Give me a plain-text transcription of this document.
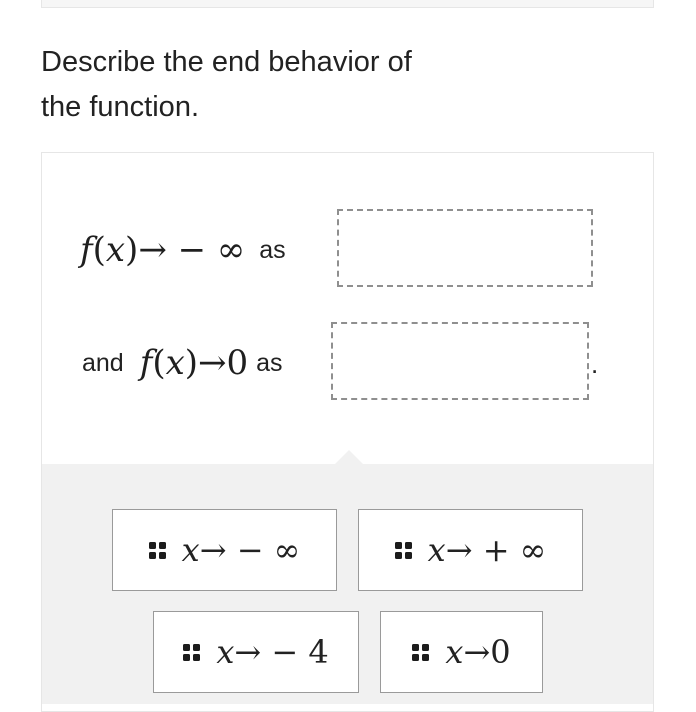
Describe the end behavior of
the function.
f(x)→ − ∞ as
and f(x)→0 as	.
x→ − ∞	x→ + ∞
x→ − 4	x→0
